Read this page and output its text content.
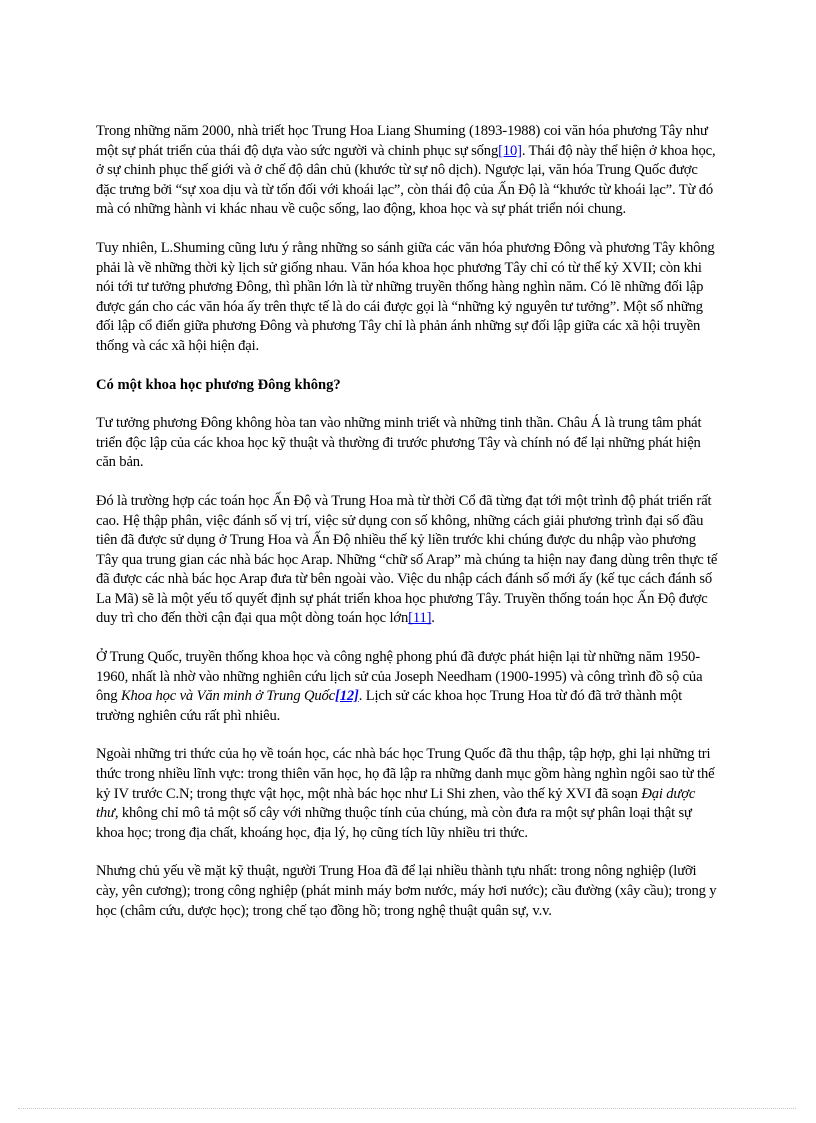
Trong những năm 2000, nhà triết học Trung Hoa Liang Shuming (1893-1988) coi văn hóa phương Tây như một sự phát triển của thái độ dựa vào sức người và chinh phục sự sống[10]. Thái độ này thể hiện ở khoa học, ở sự chinh phục thế giới và ở chế độ dân chủ (khước từ sự nô dịch). Ngược lại, văn hóa Trung Quốc được đặc trưng bởi “sự xoa dịu và từ tốn đối với khoái lạc”, còn thái độ của Ấn Độ là “khước từ khoái lạc”. Từ đó mà có những hành vi khác nhau về cuộc sống, lao động, khoa học và sự phát triển nói chung.

Tuy nhiên, L.Shuming cũng lưu ý rằng những so sánh giữa các văn hóa phương Đông và phương Tây không phải là về những thời kỳ lịch sử giống nhau. Văn hóa khoa học phương Tây chỉ có từ thế kỷ XVII; còn khi nói tới tư tưởng phương Đông, thì phần lớn là từ những truyền thống hàng nghìn năm. Có lẽ những đối lập được gán cho các văn hóa ấy trên thực tế là do cái được gọi là “những kỷ nguyên tư tưởng”. Một số những đối lập cổ điển giữa phương Đông và phương Tây chỉ là phản ánh những sự đối lập giữa các xã hội truyền thống và các xã hội hiện đại.

Có một khoa học phương Đông không?

Tư tưởng phương Đông không hòa tan vào những minh triết và những tinh thần. Châu Á là trung tâm phát triển độc lập của các khoa học kỹ thuật và thường đi trước phương Tây và chính nó để lại những phát hiện căn bản.

Đó là trường hợp các toán học Ấn Độ và Trung Hoa mà từ thời Cổ đã từng đạt tới một trình độ phát triển rất cao. Hệ thập phân, việc đánh số vị trí, việc sử dụng con số không, những cách giải phương trình đại số đầu tiên đã được sử dụng ở Trung Hoa và Ấn Độ nhiều thế kỷ liền trước khi chúng được du nhập vào phương Tây qua trung gian các nhà bác học Arap. Những “chữ số Arap” mà chúng ta hiện nay đang dùng trên thực tế đã được các nhà bác học Arap đưa từ bên ngoài vào. Việc du nhập cách đánh số mới ấy (kế tục cách đánh số La Mã) sẽ là một yếu tố quyết định sự phát triển khoa học phương Tây. Truyền thống toán học Ấn Độ được duy trì cho đến thời cận đại qua một dòng toán học lớn[11].

Ở Trung Quốc, truyền thống khoa học và công nghệ phong phú đã được phát hiện lại từ những năm 1950-1960, nhất là nhờ vào những nghiên cứu lịch sử của Joseph Needham (1900-1995) và công trình đồ sộ của ông Khoa học và Văn minh ở Trung Quốc[12]. Lịch sử các khoa học Trung Hoa từ đó đã trở thành một trường nghiên cứu rất phì nhiêu.

Ngoài những tri thức của họ về toán học, các nhà bác học Trung Quốc đã thu thập, tập hợp, ghi lại những tri thức trong nhiều lĩnh vực: trong thiên văn học, họ đã lập ra những danh mục gồm hàng nghìn ngôi sao từ thế kỷ IV trước C.N; trong thực vật học, một nhà bác học như Li Shi zhen, vào thế kỷ XVI đã soạn Đại dược thư, không chỉ mô tả một số cây với những thuộc tính của chúng, mà còn đưa ra một sự phân loại thật sự khoa học; trong địa chất, khoáng học, địa lý, họ cũng tích lũy nhiều tri thức.

Nhưng chủ yếu về mặt kỹ thuật, người Trung Hoa đã để lại nhiều thành tựu nhất: trong nông nghiệp (lưỡi cày, yên cương); trong công nghiệp (phát minh máy bơm nước, máy hơi nước); cầu đường (xây cầu); trong y học (châm cứu, dược học); trong chế tạo đồng hồ; trong nghệ thuật quân sự, v.v.
